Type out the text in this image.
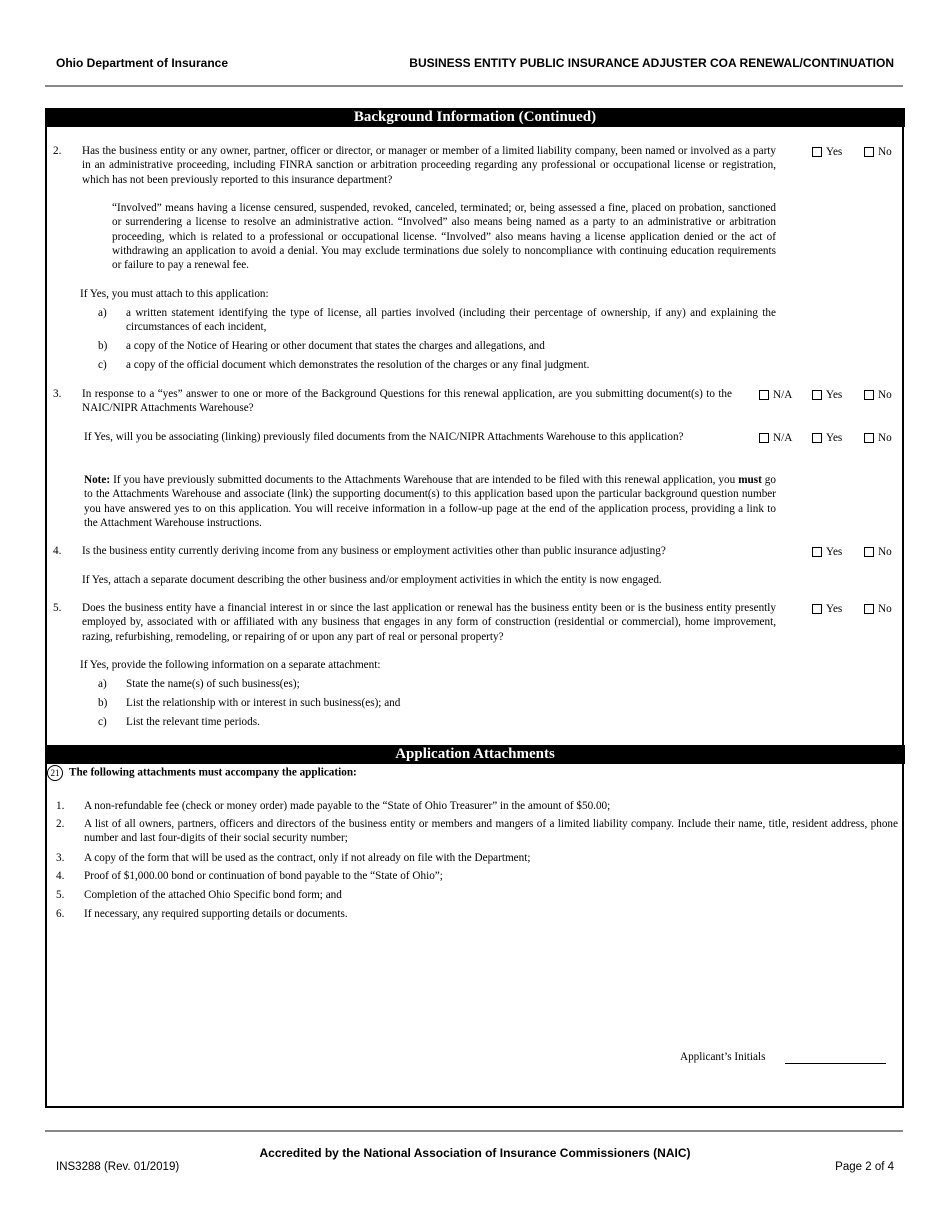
Ohio Department of Insurance	BUSINESS ENTITY PUBLIC INSURANCE ADJUSTER COA RENEWAL/CONTINUATION
Background Information (Continued)
2. Has the business entity or any owner, partner, officer or director, or manager or member of a limited liability company, been named or involved as a party in an administrative proceeding, including FINRA sanction or arbitration proceeding regarding any professional or occupational license or registration, which has not been previously reported to this insurance department?
Yes	No
“Involved” means having a license censured, suspended, revoked, canceled, terminated; or, being assessed a fine, placed on probation, sanctioned or surrendering a license to resolve an administrative action. “Involved” also means being named as a party to an administrative or arbitration proceeding, which is related to a professional or occupational license. “Involved” also means having a license application denied or the act of withdrawing an application to avoid a denial. You may exclude terminations due solely to noncompliance with continuing education requirements or failure to pay a renewal fee.
If Yes, you must attach to this application:
a) a written statement identifying the type of license, all parties involved (including their percentage of ownership, if any) and explaining the circumstances of each incident,
b) a copy of the Notice of Hearing or other document that states the charges and allegations, and
c) a copy of the official document which demonstrates the resolution of the charges or any final judgment.
3. In response to a “yes” answer to one or more of the Background Questions for this renewal application, are you submitting document(s) to the NAIC/NIPR Attachments Warehouse?
N/A	Yes	No
If Yes, will you be associating (linking) previously filed documents from the NAIC/NIPR Attachments Warehouse to this application?	N/A	Yes	No
Note: If you have previously submitted documents to the Attachments Warehouse that are intended to be filed with this renewal application, you must go to the Attachments Warehouse and associate (link) the supporting document(s) to this application based upon the particular background question number you have answered yes to on this application. You will receive information in a follow-up page at the end of the application process, providing a link to the Attachment Warehouse instructions.
4. Is the business entity currently deriving income from any business or employment activities other than public insurance adjusting?	Yes	No
If Yes, attach a separate document describing the other business and/or employment activities in which the entity is now engaged.
5. Does the business entity have a financial interest in or since the last application or renewal has the business entity been or is the business entity presently employed by, associated with or affiliated with any business that engages in any form of construction (residential or commercial), home improvement, razing, refurbishing, remodeling, or repairing of or upon any part of real or personal property?
Yes	No
If Yes, provide the following information on a separate attachment:
a) State the name(s) of such business(es);
b) List the relationship with or interest in such business(es); and
c) List the relevant time periods.
Application Attachments
21 The following attachments must accompany the application:
1. A non-refundable fee (check or money order) made payable to the “State of Ohio Treasurer” in the amount of $50.00;
2. A list of all owners, partners, officers and directors of the business entity or members and mangers of a limited liability company. Include their name, title, resident address, phone number and last four-digits of their social security number;
3. A copy of the form that will be used as the contract, only if not already on file with the Department;
4. Proof of $1,000.00 bond or continuation of bond payable to the “State of Ohio”;
5. Completion of the attached Ohio Specific bond form; and
6. If necessary, any required supporting details or documents.
Applicant’s Initials
Accredited by the National Association of Insurance Commissioners (NAIC)
INS3288 (Rev. 01/2019)	Page 2 of 4
